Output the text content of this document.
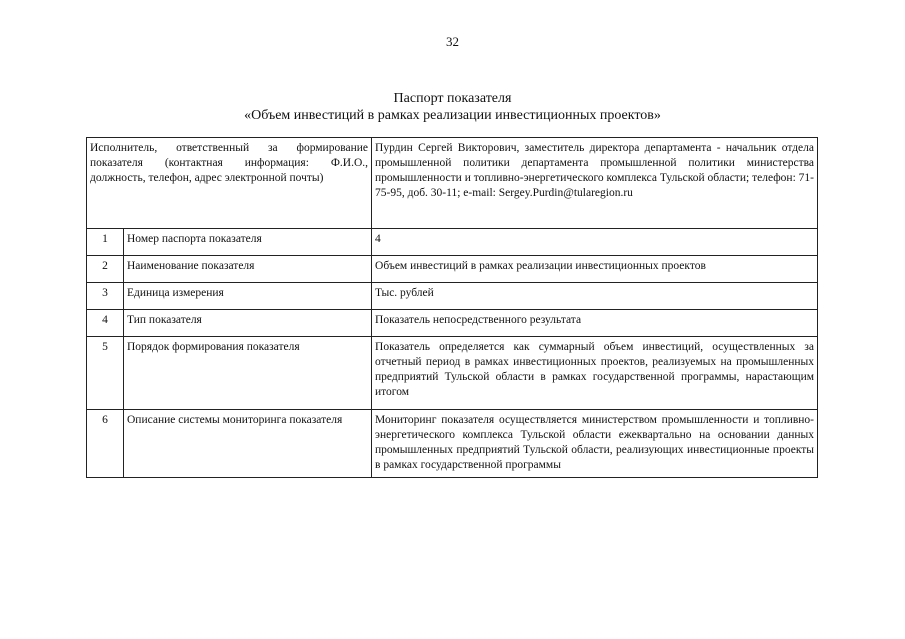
32
Паспорт показателя
«Объем инвестиций в рамках реализации инвестиционных проектов»
Исполнитель, ответственный за формирование показателя (контактная информация: Ф.И.О., должность, телефон, адрес электронной почты)		Пурдин Сергей Викторович, заместитель директора департамента - начальник отдела промышленной политики департамента промышленной политики министерства промышленности и топливно-энергетического комплекса Тульской области; телефон: 71-75-95, доб. 30-11; e-mail: Sergey.Purdin@tularegion.ru
1	Номер паспорта показателя	4
2	Наименование показателя	Объем инвестиций в рамках реализации инвестиционных проектов
3	Единица измерения	Тыс. рублей
4	Тип показателя	Показатель непосредственного результата
5	Порядок формирования показателя	Показатель определяется как суммарный объем инвестиций, осуществленных за отчетный период в рамках инвестиционных проектов, реализуемых на промышленных предприятий Тульской области в рамках государственной программы, нарастающим итогом
6	Описание системы мониторинга показателя	Мониторинг показателя осуществляется министерством промышленности и топливно-энергетического комплекса Тульской области ежеквартально на основании данных промышленных предприятий Тульской области, реализующих инвестиционные проекты в рамках государственной программы
